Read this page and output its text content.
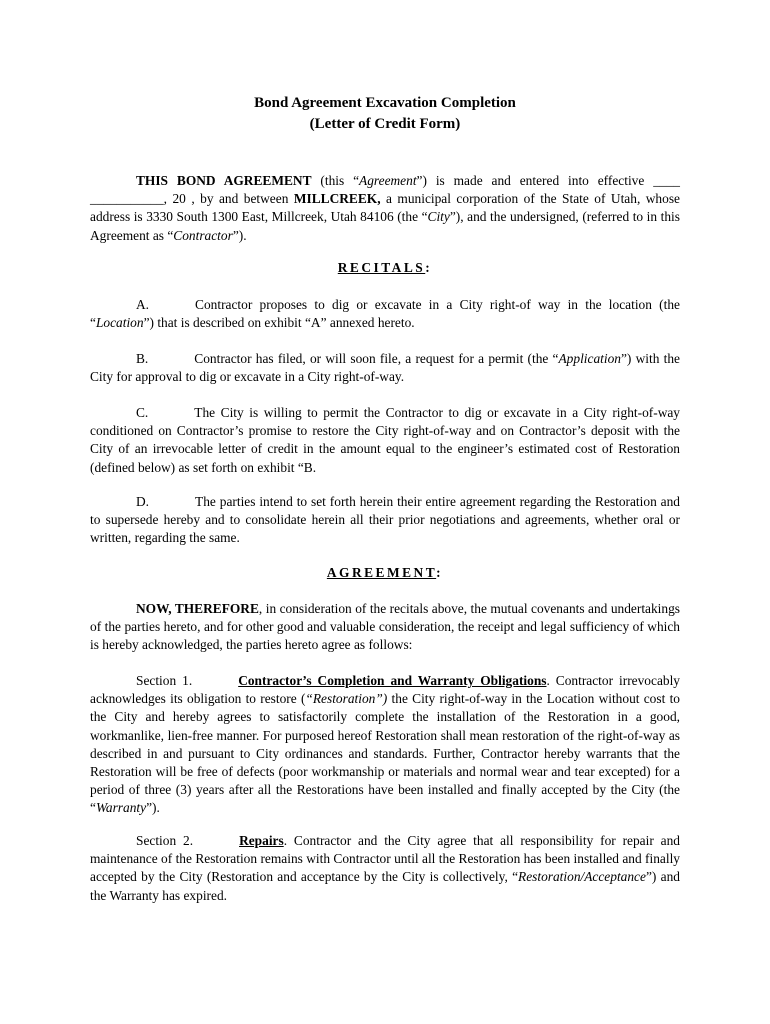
Bond Agreement Excavation Completion
(Letter of Credit Form)

THIS BOND AGREEMENT (this “Agreement”) is made and entered into effective ____ ___________, 20 , by and between MILLCREEK, a municipal corporation of the State of Utah, whose address is 3330 South 1300 East, Millcreek, Utah 84106 (the “City”), and the undersigned, (referred to in this Agreement as “Contractor”).

RECITALS:

A.	Contractor proposes to dig or excavate in a City right-of way in the location (the “Location”) that is described on exhibit “A” annexed hereto.

B.	Contractor has filed, or will soon file, a request for a permit (the “Application”) with the City for approval to dig or excavate in a City right-of-way.

C.	The City is willing to permit the Contractor to dig or excavate in a City right-of-way conditioned on Contractor’s promise to restore the City right-of-way and on Contractor’s deposit with the City of an irrevocable letter of credit in the amount equal to the engineer’s estimated cost of Restoration (defined below) as set forth on exhibit “B.

D.	The parties intend to set forth herein their entire agreement regarding the Restoration and to supersede hereby and to consolidate herein all their prior negotiations and agreements, whether oral or written, regarding the same.

AGREEMENT:

NOW, THEREFORE, in consideration of the recitals above, the mutual covenants and undertakings of the parties hereto, and for other good and valuable consideration, the receipt and legal sufficiency of which is hereby acknowledged, the parties hereto agree as follows:

Section 1.	Contractor’s Completion and Warranty Obligations. Contractor irrevocably acknowledges its obligation to restore (“Restoration”) the City right-of-way in the Location without cost to the City and hereby agrees to satisfactorily complete the installation of the Restoration in a good, workmanlike, lien-free manner. For purposed hereof Restoration shall mean restoration of the right-of-way as described in and pursuant to City ordinances and standards. Further, Contractor hereby warrants that the Restoration will be free of defects (poor workmanship or materials and normal wear and tear excepted) for a period of three (3) years after all the Restorations have been installed and finally accepted by the City (the “Warranty”).

Section 2.	Repairs. Contractor and the City agree that all responsibility for repair and maintenance of the Restoration remains with Contractor until all the Restoration has been installed and finally accepted by the City (Restoration and acceptance by the City is collectively, “Restoration/Acceptance”) and the Warranty has expired.
